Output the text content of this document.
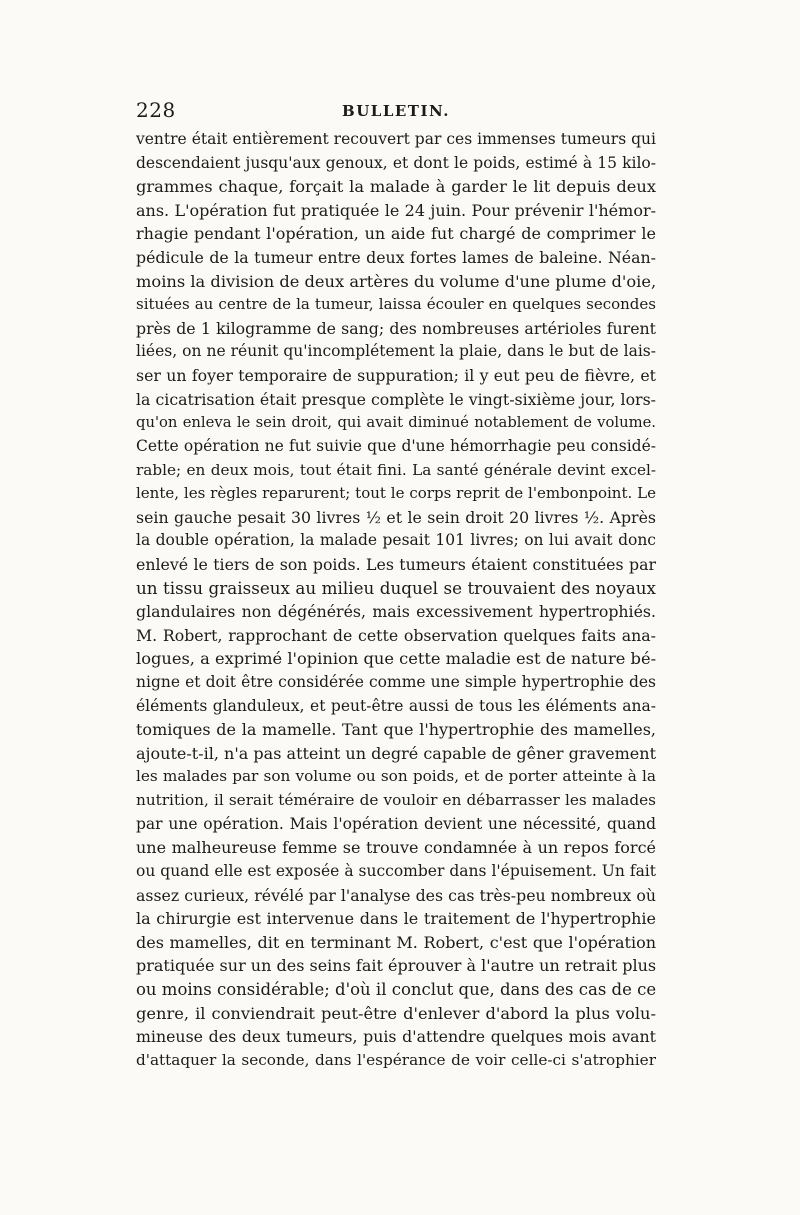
228	BULLETIN.
ventre était entièrement recouvert par ces immenses tumeurs qui
descendaient jusqu'aux genoux, et dont le poids, estimé à 15 kilo-
grammes chaque, forçait la malade à garder le lit depuis deux
ans. L'opération fut pratiquée le 24 juin. Pour prévenir l'hémor-
rhagie pendant l'opération, un aide fut chargé de comprimer le
pédicule de la tumeur entre deux fortes lames de baleine. Néan-
moins la division de deux artères du volume d'une plume d'oie,
situées au centre de la tumeur, laissa écouler en quelques secondes
près de 1 kilogramme de sang; des nombreuses artérioles furent
liées, on ne réunit qu'incomplétement la plaie, dans le but de lais-
ser un foyer temporaire de suppuration; il y eut peu de fièvre, et
la cicatrisation était presque complète le vingt-sixième jour, lors-
qu'on enleva le sein droit, qui avait diminué notablement de volume.
Cette opération ne fut suivie que d'une hémorrhagie peu considé-
rable; en deux mois, tout était fini. La santé générale devint excel-
lente, les règles reparurent; tout le corps reprit de l'embonpoint. Le
sein gauche pesait 30 livres ½ et le sein droit 20 livres ½. Après
la double opération, la malade pesait 101 livres; on lui avait donc
enlevé le tiers de son poids. Les tumeurs étaient constituées par
un tissu graisseux au milieu duquel se trouvaient des noyaux
glandulaires non dégénérés, mais excessivement hypertrophiés.
M. Robert, rapprochant de cette observation quelques faits ana-
logues, a exprimé l'opinion que cette maladie est de nature bé-
nigne et doit être considérée comme une simple hypertrophie des
éléments glanduleux, et peut-être aussi de tous les éléments ana-
tomiques de la mamelle. Tant que l'hypertrophie des mamelles,
ajoute-t-il, n'a pas atteint un degré capable de gêner gravement
les malades par son volume ou son poids, et de porter atteinte à la
nutrition, il serait téméraire de vouloir en débarrasser les malades
par une opération. Mais l'opération devient une nécessité, quand
une malheureuse femme se trouve condamnée à un repos forcé
ou quand elle est exposée à succomber dans l'épuisement. Un fait
assez curieux, révélé par l'analyse des cas très-peu nombreux où
la chirurgie est intervenue dans le traitement de l'hypertrophie
des mamelles, dit en terminant M. Robert, c'est que l'opération
pratiquée sur un des seins fait éprouver à l'autre un retrait plus
ou moins considérable; d'où il conclut que, dans des cas de ce
genre, il conviendrait peut-être d'enlever d'abord la plus volu-
mineuse des deux tumeurs, puis d'attendre quelques mois avant
d'attaquer la seconde, dans l'espérance de voir celle-ci s'atrophier
